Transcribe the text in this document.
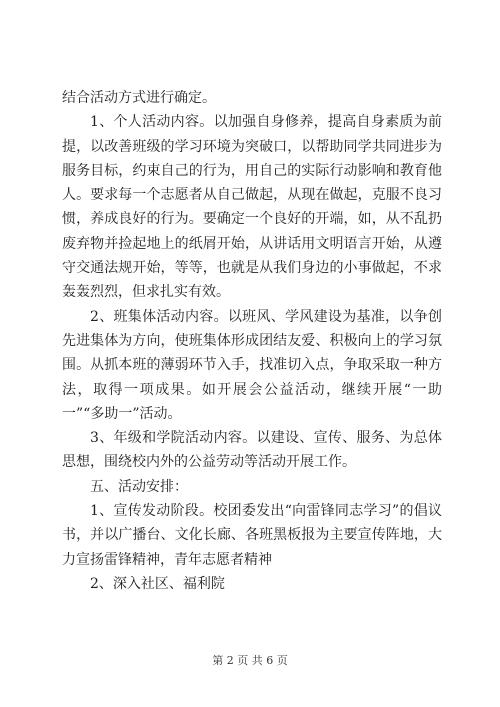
结合活动方式进行确定。

1、个人活动内容。以加强自身修养，提高自身素质为前提，以改善班级的学习环境为突破口，以帮助同学共同进步为服务目标，约束自己的行为，用自己的实际行动影响和教育他人。要求每一个志愿者从自己做起，从现在做起，克服不良习惯，养成良好的行为。要确定一个良好的开端，如，从不乱扔废弃物并捡起地上的纸屑开始，从讲话用文明语言开始，从遵守交通法规开始，等等，也就是从我们身边的小事做起，不求轰轰烈烈，但求扎实有效。

2、班集体活动内容。以班风、学风建设为基准，以争创先进集体为方向，使班集体形成团结友爱、积极向上的学习氛围。从抓本班的薄弱环节入手，找准切入点，争取采取一种方法，取得一项成果。如开展会公益活动，继续开展“一助一”“多助一”活动。

3、年级和学院活动内容。以建设、宣传、服务、为总体思想，围绕校内外的公益劳动等活动开展工作。

五、活动安排：

1、宣传发动阶段。校团委发出“向雷锋同志学习”的倡议书，并以广播台、文化长廊、各班黑板报为主要宣传阵地，大力宣扬雷锋精神，青年志愿者精神

2、深入社区、福利院

第 2 页 共 6 页
